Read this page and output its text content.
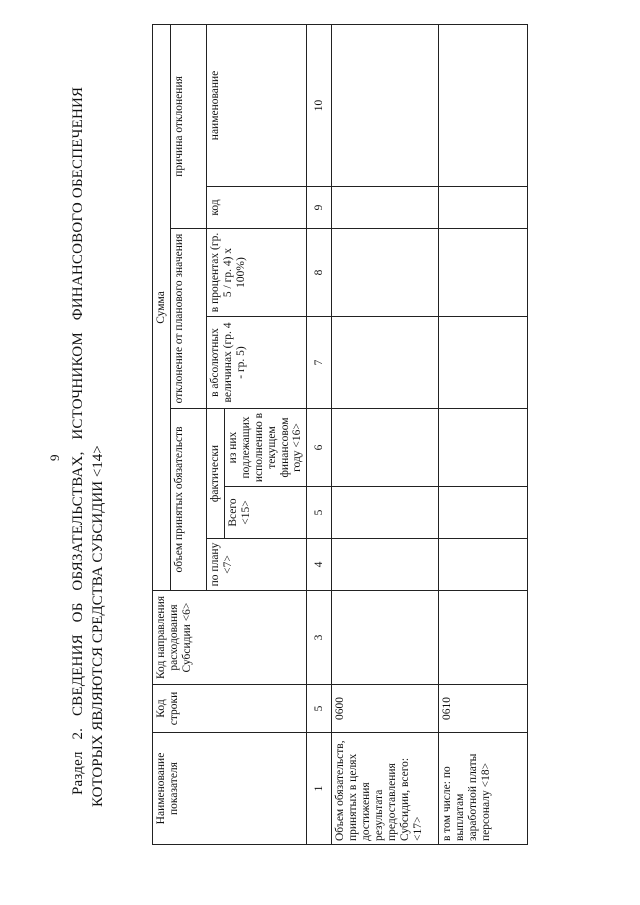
9 Раздел   2.   СВЕДЕНИЯ   ОБ   ОБЯЗАТЕЛЬСТВАХ,   ИСТОЧНИКОМ   ФИНАНСОВОГО ОБЕСПЕЧЕНИЯ КОТОРЫХ ЯВЛЯЮТСЯ СРЕДСТВА СУБСИДИИ <14>	Наименование показателя	Код строки	Код направления расходования Субсидии <6>	Сумма						
			объем принятых обязательств			отклонение от планового значения		причина отклонения	
			по плану <7>	фактически		в абсолютных величинах (гр. 4 - гр. 5)	в процентах (гр. 5 / гр. 4) x 100%)	код	наименование
				Всего <15>	из них подлежащих исполнению в текущем финансовом году <16>				
1	5	3	4	5	6	7	8	9	10
Объем обязательств, принятых в целях достижения результата предоставления Субсидии, всего: <17>	0600								
в том числе: по выплатам заработной платы персоналу <18>	0610								
